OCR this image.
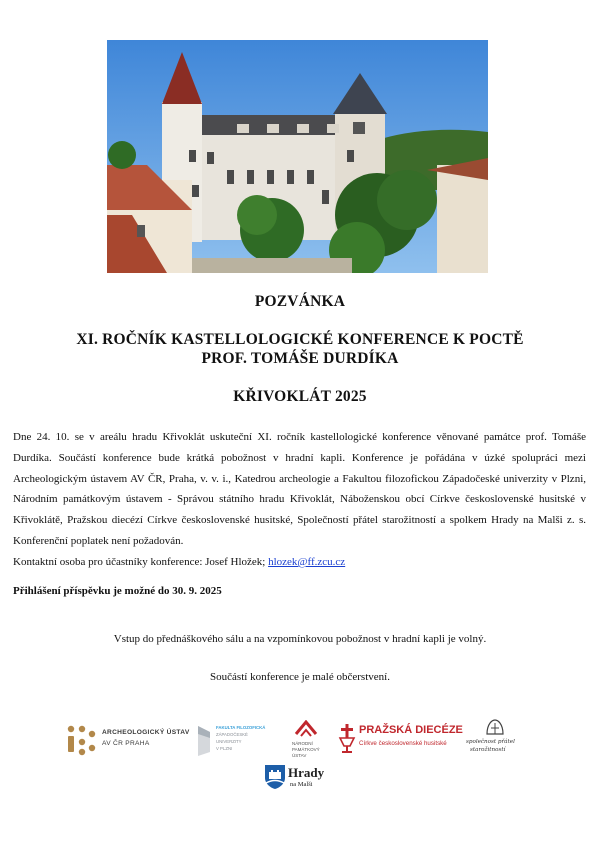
POZVÁNKA
XI. ROČNÍK KASTELLOLOGICKÉ KONFERENCE K POCTĚ
PROF. TOMÁŠE DURDÍKA
KŘIVOKLÁT 2025
Dne 24. 10. se v areálu hradu Křivoklát uskuteční XI. ročník kastellologické konference věnované památce prof. Tomáše Durdíka. Součástí konference bude krátká pobožnost v hradní kapli. Konference je pořádána v úzké spolupráci mezi Archeologickým ústavem AV ČR, Praha, v. v. i., Katedrou archeologie a Fakultou filozofickou Západočeské univerzity v Plzni, Národním památkovým ústavem - Správou státního hradu Křivoklát, Náboženskou obcí Církve československé husitské v Křivoklátě, Pražskou diecézí Církve československé husitské, Společností přátel starožitností a spolkem Hrady na Malši z. s. Konferenční poplatek není požadován.
Kontaktní osoba pro účastníky konference: Josef Hložek; hlozek@ff.zcu.cz
Přihlášení příspěvku je možné do 30. 9. 2025
Vstup do přednáškového sálu a na vzpomínkovou pobožnost v hradní kapli je volný.
Součástí konference je malé občerstvení.
ARCHEOLOGICKÝ ÚSTAV
AV ČR PRAHA
FAKULTA FILOZOFICKÁ
ZÁPADOČESKÉ
UNIVERZITY
V PLZNI
NÁRODNÍ
PAMÁTKOVÝ
ÚSTAV
PRAŽSKÁ DIECÉZE
Církve československé husitské	společnost přátel
starožitností
Hrady
na Malši
